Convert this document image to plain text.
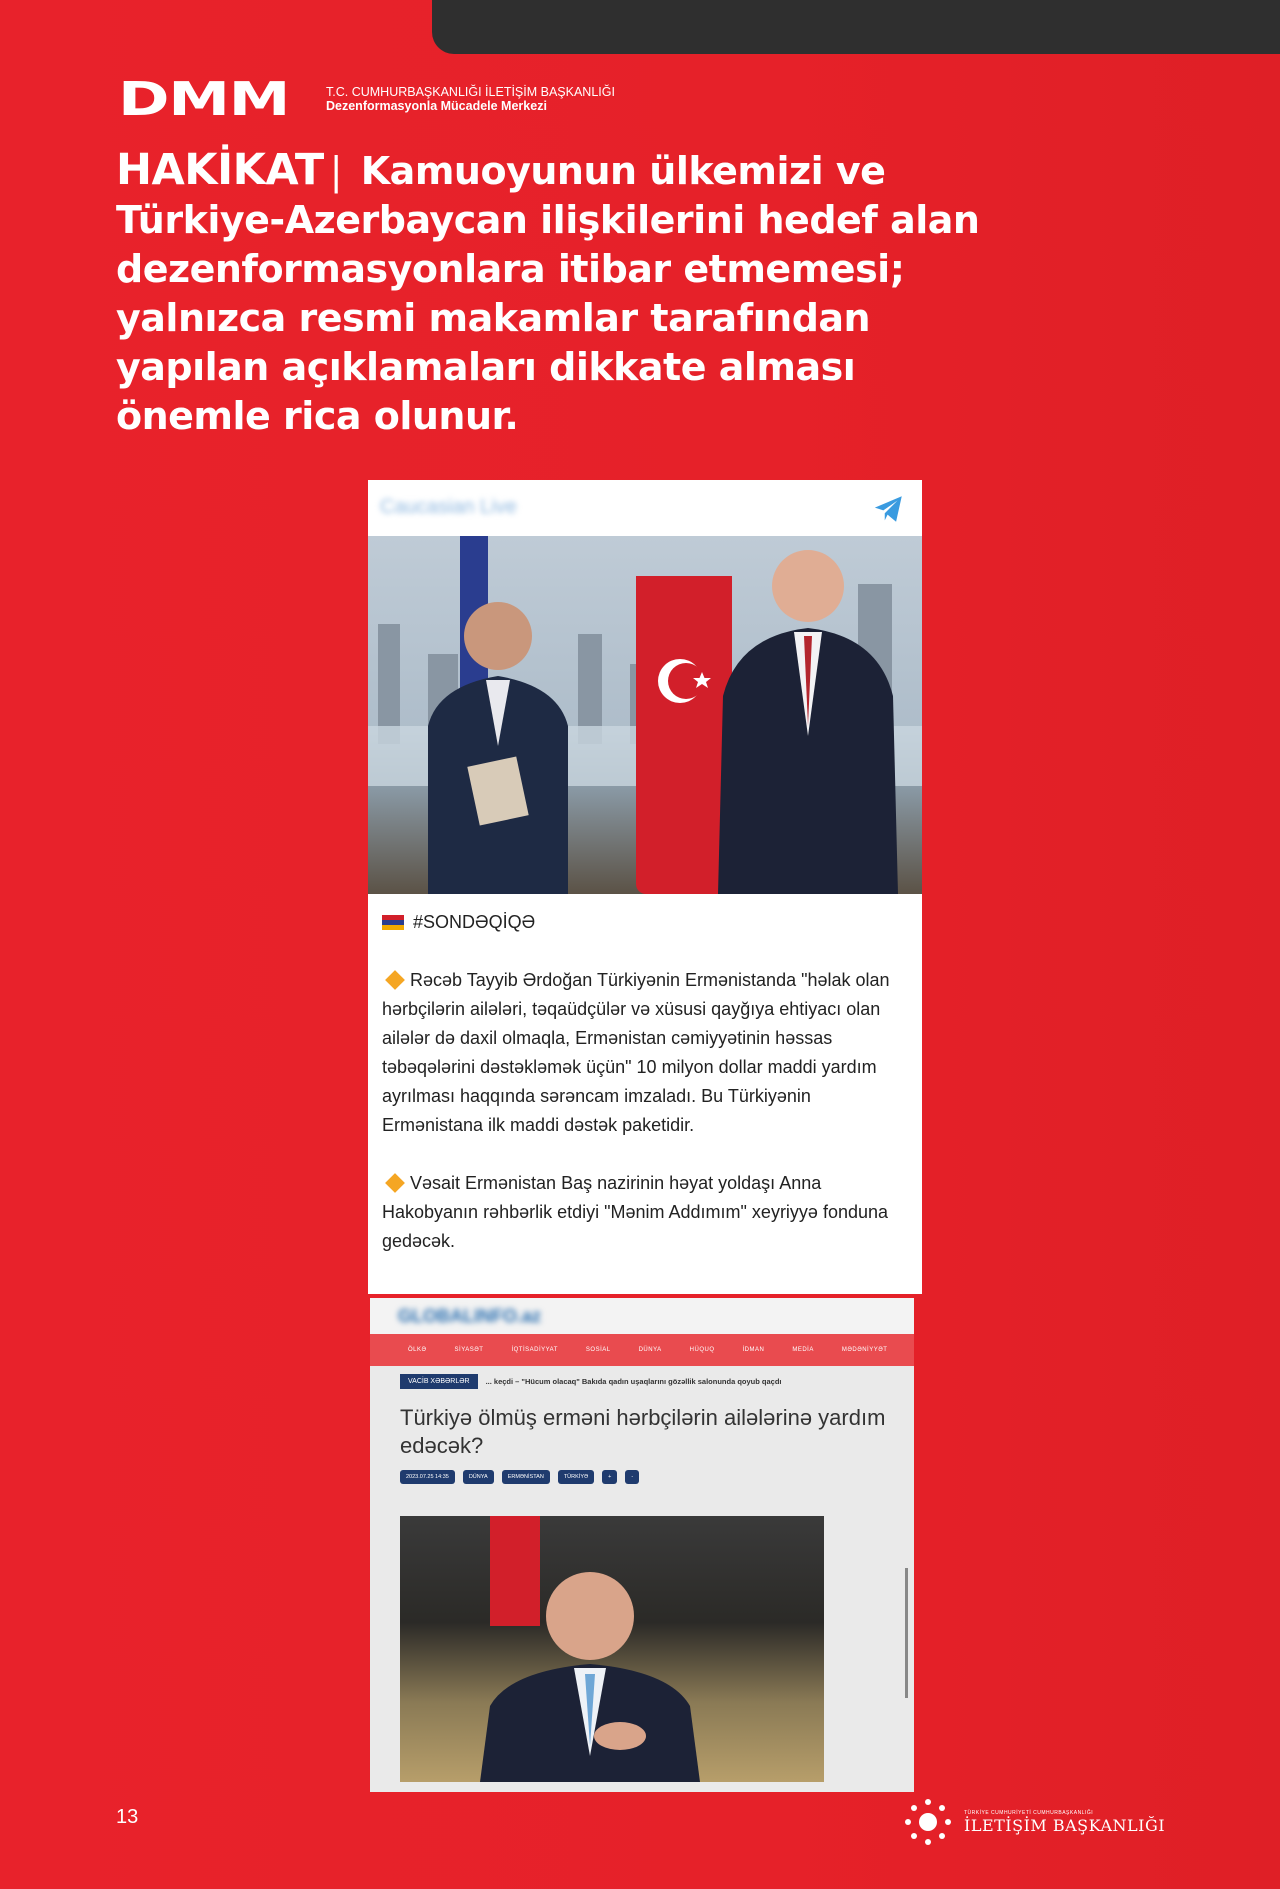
DMM	T.C. CUMHURBAŞKANLIĞI İLETİŞİM BAŞKANLIĞI
Dezenformasyonla Mücadele Merkezi
HAKİKAT | Kamuoyunun ülkemizi ve Türkiye-Azerbaycan ilişkilerini hedef alan dezenformasyonlara itibar etmemesi; yalnızca resmi makamlar tarafından yapılan açıklamaları dikkate alması önemle rica olunur.
Caucasian Live

#SONDƏQİQƏ

Rəcəb Tayyib Ərdoğan Türkiyənin Ermənistanda "həlak olan hərbçilərin ailələri, təqaüdçülər və xüsusi qayğıya ehtiyacı olan ailələr də daxil olmaqla, Ermənistan cəmiyyətinin həssas təbəqələrini dəstəkləmək üçün" 10 milyon dollar maddi yardım ayrılması haqqında sərəncam imzaladı. Bu Türkiyənin Ermənistana ilk maddi dəstək paketidir.

Vəsait Ermənistan Baş nazirinin həyat yoldaşı Anna Hakobyanın rəhbərlik etdiyi "Mənim Addımım" xeyriyyə fonduna gedəcək.

GLOBALINFO.az
ÖLKƏ	SİYASƏT	İQTİSADİYYAT	SOSİAL	DÜNYA	HÜQUQ	İDMAN	MEDİA	MƏDƏNİYYƏT
VACİB XƏBƏRLƏR	... keçdi – "Hücum olacaq" Bakıda qadın uşaqlarını gözəllik salonunda qoyub qaçdı
Türkiyə ölmüş erməni hərbçilərin ailələrinə yardım edəcək?
2023.07.25 14:35	DÜNYA	ERMƏNİSTAN	TÜRKİYƏ	+	-
13	TÜRKİYE CUMHURİYETİ CUMHURBAŞKANLIĞI
İLETİŞİM BAŞKANLIĞI
